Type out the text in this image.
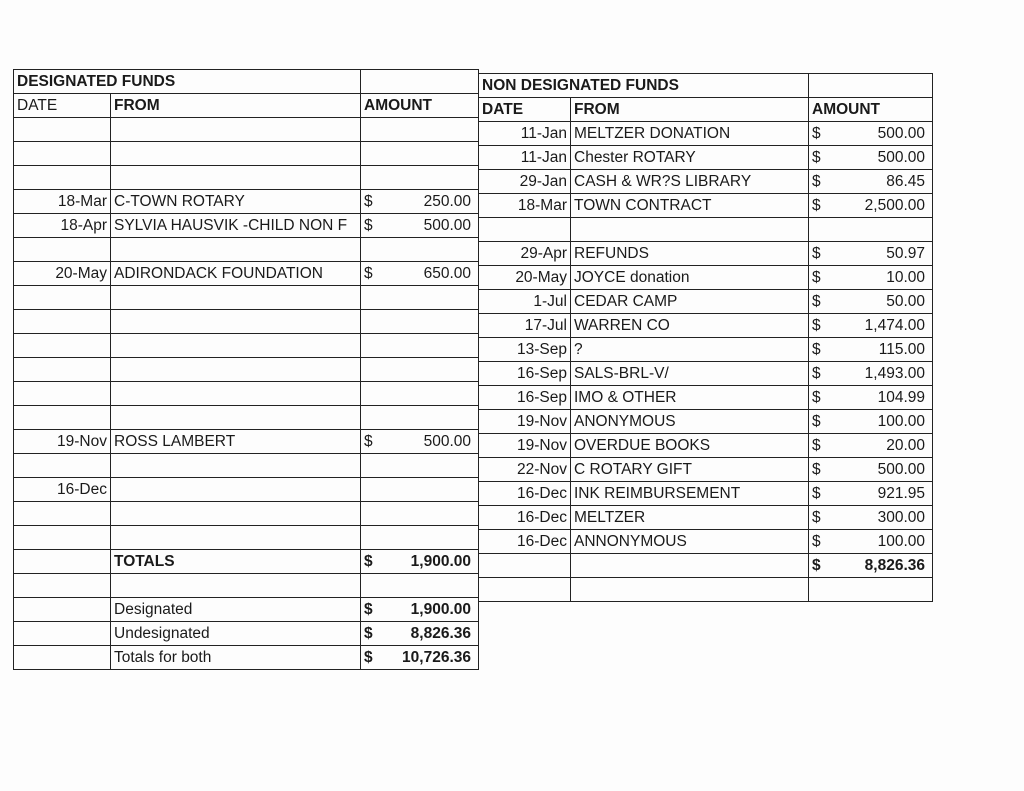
DESIGNATED FUNDS		
DATE	FROM	AMOUNT

18-Mar	C-TOWN ROTARY	$ 250.00

18-Apr	SYLVIA HAUSVIK -CHILD NON F	$ 500.00

20-May	ADIRONDACK FOUNDATION	$ 650.00

19-Nov	ROSS LAMBERT	$ 500.00

16-Dec		

	TOTALS	$ 1,900.00

	Designated	$ 1,900.00

	Undesignated	$ 8,826.36

	Totals for both	$ 10,726.36
NON DESIGNATED FUNDS		
DATE	FROM	AMOUNT
11-Jan	MELTZER DONATION	$ 500.00

11-Jan	Chester ROTARY	$ 500.00

29-Jan	CASH & WR?S LIBRARY	$ 86.45

18-Mar	TOWN CONTRACT	$ 2,500.00

29-Apr	REFUNDS	$ 50.97

20-May	JOYCE donation	$ 10.00

1-Jul	CEDAR CAMP	$ 50.00

17-Jul	WARREN CO	$ 1,474.00

13-Sep	?	$ 115.00

16-Sep	SALS-BRL-V/	$ 1,493.00

16-Sep	IMO & OTHER	$ 104.99

19-Nov	ANONYMOUS	$ 100.00

19-Nov	OVERDUE BOOKS	$ 20.00

22-Nov	C ROTARY GIFT	$ 500.00

16-Dec	INK REIMBURSEMENT	$ 921.95

16-Dec	MELTZER	$ 300.00

16-Dec	ANNONYMOUS	$ 100.00

		$ 8,826.36
